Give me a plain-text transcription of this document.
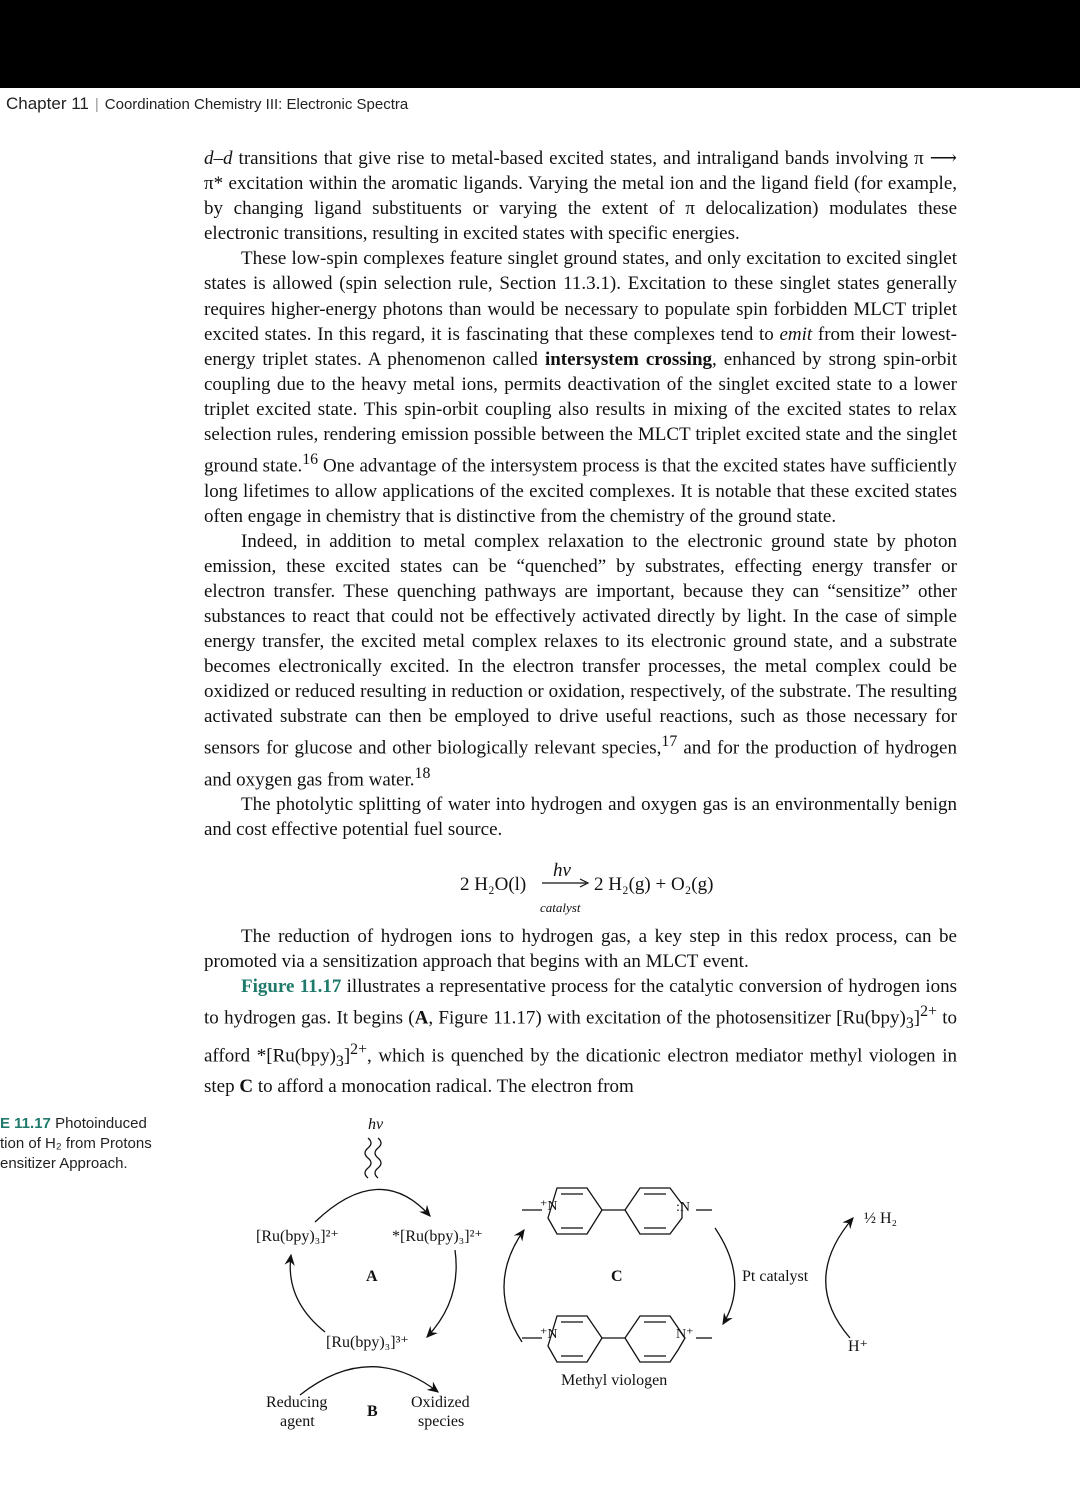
Chapter 11 | Coordination Chemistry III: Electronic Spectra

d–d transitions that give rise to metal-based excited states, and intraligand bands involving π ⟶ π* excitation within the aromatic ligands. Varying the metal ion and the ligand field (for example, by changing ligand substituents or varying the extent of π delocalization) modulates these electronic transitions, resulting in excited states with specific energies.

These low-spin complexes feature singlet ground states, and only excitation to excited singlet states is allowed (spin selection rule, Section 11.3.1). Excitation to these singlet states generally requires higher-energy photons than would be necessary to populate spin forbidden MLCT triplet excited states. In this regard, it is fascinating that these complexes tend to emit from their lowest-energy triplet states. A phenomenon called intersystem crossing, enhanced by strong spin-orbit coupling due to the heavy metal ions, permits deactivation of the singlet excited state to a lower triplet excited state. This spin-orbit coupling also results in mixing of the excited states to relax selection rules, rendering emission possible between the MLCT triplet excited state and the singlet ground state.$^{16}$ One advantage of the intersystem process is that the excited states have sufficiently long lifetimes to allow applications of the excited complexes. It is notable that these excited states often engage in chemistry that is distinctive from the chemistry of the ground state.

Indeed, in addition to metal complex relaxation to the electronic ground state by photon emission, these excited states can be “quenched” by substrates, effecting energy transfer or electron transfer. These quenching pathways are important, because they can “sensitize” other substances to react that could not be effectively activated directly by light. In the case of simple energy transfer, the excited metal complex relaxes to its electronic ground state, and a substrate becomes electronically excited. In the electron transfer processes, the metal complex could be oxidized or reduced resulting in reduction or oxidation, respectively, of the substrate. The resulting activated substrate can then be employed to drive useful reactions, such as those necessary for sensors for glucose and other biologically relevant species,$^{17}$ and for the production of hydrogen and oxygen gas from water.$^{18}$

The photolytic splitting of water into hydrogen and oxygen gas is an environmentally benign and cost effective potential fuel source.

2 H₂O(l)
hν
catalyst
2 H₂(g) + O₂(g)

The reduction of hydrogen ions to hydrogen gas, a key step in this redox process, can be promoted via a sensitization approach that begins with an MLCT event.

Figure 11.17 illustrates a representative process for the catalytic conversion of hydrogen ions to hydrogen gas. It begins (A, Figure 11.17) with excitation of the photosensitizer $[Ru(bpy)_3]^{2+}$ to afford $*[Ru(bpy)_3]^{2+}$, which is quenched by the dicationic electron mediator methyl viologen in step C to afford a monocation radical. The electron from

E 11.17 Photoinduced
tion of H₂ from Protons
ensitizer Approach.
hν
[Ru(bpy)₃]²⁺	*[Ru(bpy)₃]²⁺
A
[Ru(bpy)₃]³⁺
Reducing
agent
B
Oxidized
species
C	Pt catalyst
½ H₂
H⁺
Methyl viologen
⁺N	:N
⁺N	N⁺
